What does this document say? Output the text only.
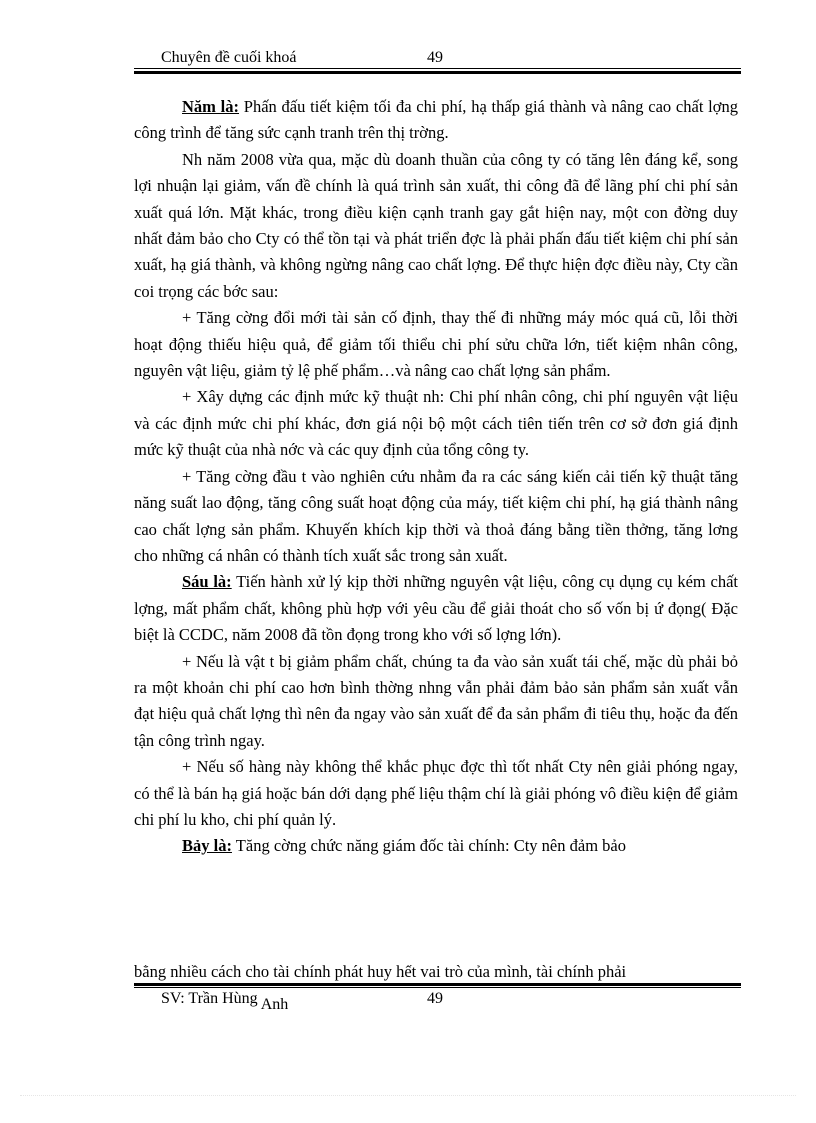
Chuyên đề cuối khoá	49

Năm là: Phấn đấu tiết kiệm tối đa chi phí, hạ thấp giá thành và nâng cao chất lợng công trình để tăng sức cạnh tranh trên thị trờng.

Nh năm 2008 vừa qua, mặc dù doanh thuần của công ty có tăng lên đáng kể, song lợi nhuận lại giảm, vấn đề chính là quá trình sản xuất, thi công đã để lãng phí chi phí sản xuất quá lớn. Mặt khác, trong điều kiện cạnh tranh gay gắt hiện nay, một con đờng duy nhất đảm bảo cho Cty có thể tồn tại và phát triển đợc là phải phấn đấu tiết kiệm chi phí sản xuất, hạ giá thành, và không ngừng nâng cao chất lợng. Để thực hiện đợc điều này, Cty cần coi trọng các bớc sau:

+ Tăng cờng đổi mới tài sản cố định, thay thế đi những máy móc quá cũ, lỗi thời hoạt động thiếu hiệu quả, để giảm tối thiểu chi phí sửu chữa lớn, tiết kiệm nhân công, nguyên vật liệu, giảm tỷ lệ phế phẩm…và nâng cao chất lợng sản phẩm.

+ Xây dựng các định mức kỹ thuật nh: Chi phí nhân công, chi phí nguyên vật liệu và các định mức chi phí khác, đơn giá nội bộ một cách tiên tiến trên cơ sở đơn giá định mức kỹ thuật của nhà nớc và các quy định của tổng công ty.

+ Tăng cờng đầu t vào nghiên cứu nhằm đa ra các sáng kiến cải tiến kỹ thuật tăng năng suất lao động, tăng công suất hoạt động của máy, tiết kiệm chi phí, hạ giá thành nâng cao chất lợng sản phẩm. Khuyến khích kịp thời và thoả đáng bằng tiền thởng, tăng lơng cho những cá nhân có thành tích xuất sắc trong sản xuất.

Sáu là: Tiến hành xử lý kịp thời những nguyên vật liệu, công cụ dụng cụ kém chất lợng, mất phẩm chất, không phù hợp với yêu cầu để giải thoát cho số vốn bị ứ đọng( Đặc biệt là CCDC, năm 2008 đã tồn đọng trong kho với số lợng lớn).

+ Nếu là vật t bị giảm phẩm chất, chúng ta đa vào sản xuất tái chế, mặc dù phải bỏ ra một khoản chi phí cao hơn bình thờng nhng vẫn phải đảm bảo sản phẩm sản xuất vẫn đạt hiệu quả chất lợng thì nên đa ngay vào sản xuất để đa sản phẩm đi tiêu thụ, hoặc đa đến tận công trình ngay.

+ Nếu số hàng này không thể khắc phục đợc thì tốt nhất Cty nên giải phóng ngay, có thể là bán hạ giá hoặc bán dới dạng phế liệu thậm chí là giải phóng vô điều kiện để giảm chi phí lu kho, chi phí quản lý.

Bảy là: Tăng cờng chức năng giám đốc tài chính: Cty nên đảm bảo

bằng nhiều cách cho tài chính phát huy hết vai trò của mình, tài chính phải
SV: Trần Hùng Anh	49
